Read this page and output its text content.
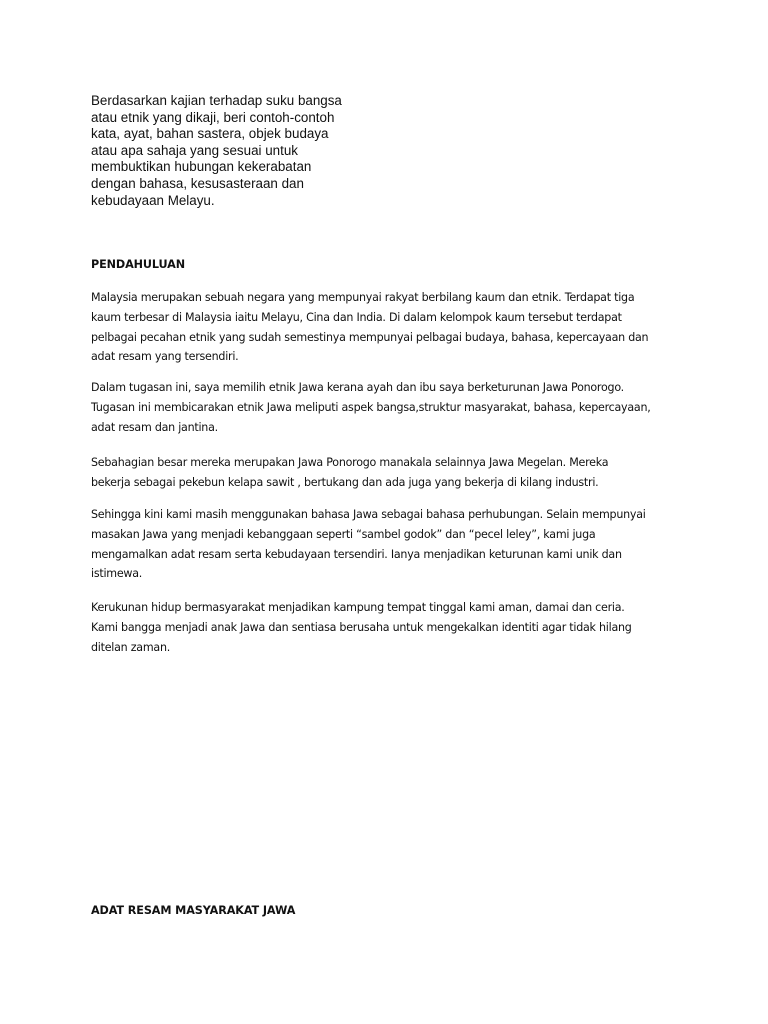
Berdasarkan kajian terhadap suku bangsa
atau etnik yang dikaji, beri contoh-contoh
kata, ayat, bahan sastera, objek budaya
atau apa sahaja yang sesuai untuk
membuktikan hubungan kekerabatan
dengan bahasa, kesusasteraan dan
kebudayaan Melayu.
PENDAHULUAN
Malaysia merupakan sebuah negara yang mempunyai rakyat berbilang kaum dan etnik. Terdapat tiga
kaum terbesar di Malaysia iaitu Melayu, Cina dan India. Di dalam kelompok kaum tersebut terdapat
pelbagai pecahan etnik yang sudah semestinya mempunyai pelbagai budaya, bahasa, kepercayaan dan
adat resam yang tersendiri.
Dalam tugasan ini, saya memilih etnik Jawa kerana ayah dan ibu saya berketurunan Jawa Ponorogo.
Tugasan ini membicarakan etnik Jawa meliputi aspek bangsa,struktur masyarakat, bahasa, kepercayaan,
adat resam dan jantina.
Sebahagian besar mereka merupakan Jawa Ponorogo manakala selainnya Jawa Megelan. Mereka
bekerja sebagai pekebun kelapa sawit , bertukang dan ada juga yang bekerja di kilang industri.
Sehingga kini kami masih menggunakan bahasa Jawa sebagai bahasa perhubungan. Selain mempunyai
masakan Jawa yang menjadi kebanggaan seperti “sambel godok” dan “pecel leley”, kami juga
mengamalkan adat resam serta kebudayaan tersendiri. Ianya menjadikan keturunan kami unik dan
istimewa.
Kerukunan hidup bermasyarakat menjadikan kampung tempat tinggal kami aman, damai dan ceria.
Kami bangga menjadi anak Jawa dan sentiasa berusaha untuk mengekalkan identiti agar tidak hilang
ditelan zaman.
ADAT RESAM MASYARAKAT JAWA
